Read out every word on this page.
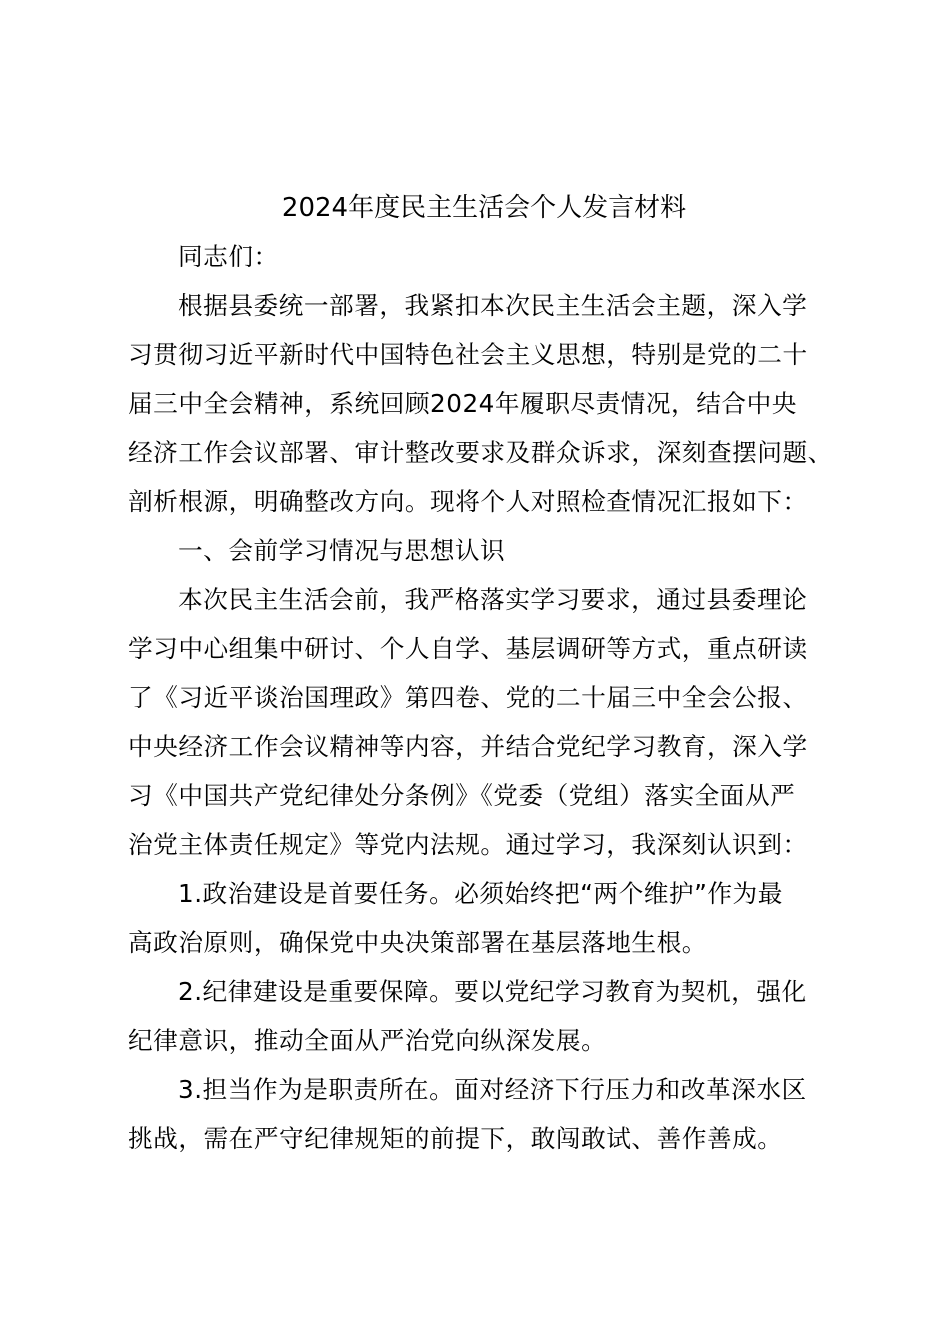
2024年度民主生活会个人发言材料
同志们：

根据县委统一部署，我紧扣本次民主生活会主题，深入学
习贯彻习近平新时代中国特色社会主义思想，特别是党的二十
届三中全会精神，系统回顾2024年履职尽责情况，结合中央
经济工作会议部署、审计整改要求及群众诉求，深刻查摆问题、
剖析根源，明确整改方向。现将个人对照检查情况汇报如下：

一、会前学习情况与思想认识

本次民主生活会前，我严格落实学习要求，通过县委理论
学习中心组集中研讨、个人自学、基层调研等方式，重点研读
了《习近平谈治国理政》第四卷、党的二十届三中全会公报、
中央经济工作会议精神等内容，并结合党纪学习教育，深入学
习《中国共产党纪律处分条例》《党委（党组）落实全面从严
治党主体责任规定》等党内法规。通过学习，我深刻认识到：

1.政治建设是首要任务。必须始终把“两个维护”作为最
高政治原则，确保党中央决策部署在基层落地生根。

2.纪律建设是重要保障。要以党纪学习教育为契机，强化
纪律意识，推动全面从严治党向纵深发展。

3.担当作为是职责所在。面对经济下行压力和改革深水区
挑战，需在严守纪律规矩的前提下，敢闯敢试、善作善成。
